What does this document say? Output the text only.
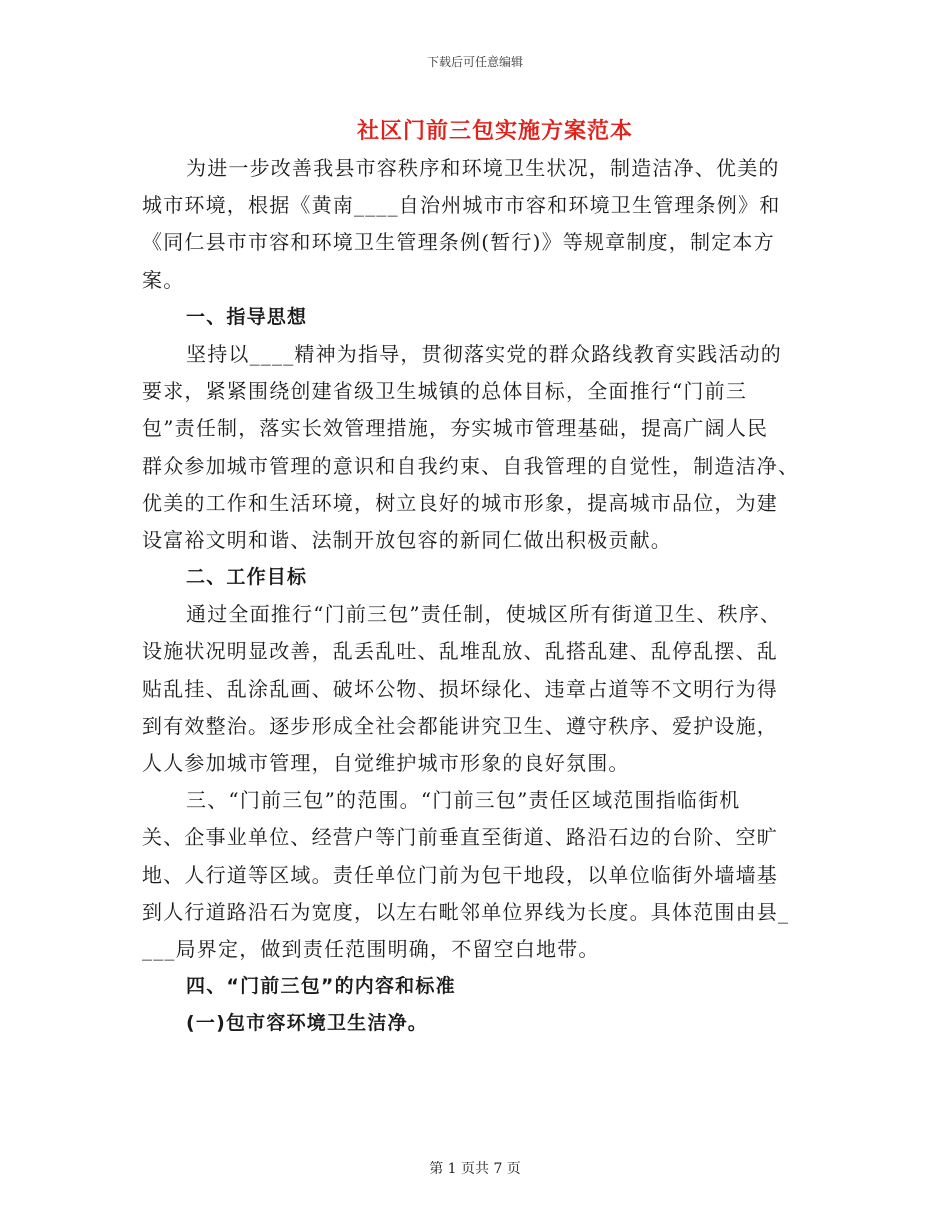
下载后可任意编辑
社区门前三包实施方案范本
为进一步改善我县市容秩序和环境卫生状况，制造洁净、优美的
城市环境，根据《黄南____自治州城市市容和环境卫生管理条例》和
《同仁县市市容和环境卫生管理条例(暂行)》等规章制度，制定本方
案。
一、指导思想
坚持以____精神为指导，贯彻落实党的群众路线教育实践活动的
要求，紧紧围绕创建省级卫生城镇的总体目标，全面推行“门前三
包”责任制，落实长效管理措施，夯实城市管理基础，提高广阔人民
群众参加城市管理的意识和自我约束、自我管理的自觉性，制造洁净、
优美的工作和生活环境，树立良好的城市形象，提高城市品位，为建
设富裕文明和谐、法制开放包容的新同仁做出积极贡献。
二、工作目标
通过全面推行“门前三包”责任制，使城区所有街道卫生、秩序、
设施状况明显改善，乱丢乱吐、乱堆乱放、乱搭乱建、乱停乱摆、乱
贴乱挂、乱涂乱画、破坏公物、损坏绿化、违章占道等不文明行为得
到有效整治。逐步形成全社会都能讲究卫生、遵守秩序、爱护设施，
人人参加城市管理，自觉维护城市形象的良好氛围。
三、“门前三包”的范围。“门前三包”责任区域范围指临街机
关、企事业单位、经营户等门前垂直至街道、路沿石边的台阶、空旷
地、人行道等区域。责任单位门前为包干地段，以单位临街外墙墙基
到人行道路沿石为宽度，以左右毗邻单位界线为长度。具体范围由县_
___局界定，做到责任范围明确，不留空白地带。
四、“门前三包”的内容和标准
(一)包市容环境卫生洁净。
第 1 页共 7 页
